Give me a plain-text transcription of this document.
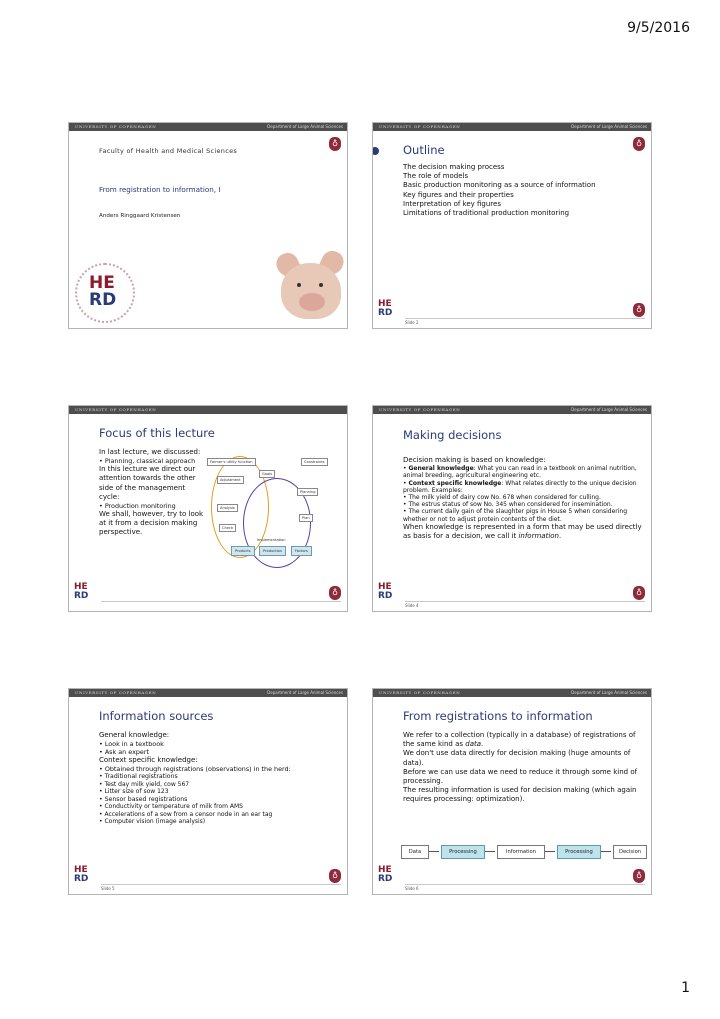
9/5/2016
UNIVERSITY OF COPENHAGEN	Department of Large Animal Sciences
♁
Faculty of Health and Medical Sciences
From registration to information, I
Anders Ringgaard Kristensen
HE
RD
UNIVERSITY OF COPENHAGEN	Department of Large Animal Sciences
♁
Outline

The decision making process

The role of models

Basic production monitoring as a source of information

Key figures and their properties

Interpretation of key figures

Limitations of traditional production monitoring

HE
RD	♁
Slide 2
UNIVERSITY OF COPENHAGEN
Focus of this lecture

In last lecture, we discussed:

• Planning, classical approach

In this lecture we direct our attention towards the other side of the management cycle:

• Production monitoring

We shall, however, try to look at it from a decision making perspective.

Farmer's utility function	Constraints
Goals
Adjustment
Planning
Analysis
Plan
Check
Implementation
Products	Production	Factors
HE
RD	♁
UNIVERSITY OF COPENHAGEN	Department of Large Animal Sciences
Making decisions

Decision making is based on knowledge:

• General knowledge: What you can read in a textbook on animal nutrition, animal breeding, agricultural engineering etc.

• Context specific knowledge: What relates directly to the unique decision problem. Examples:

• The milk yield of dairy cow No. 678 when considered for culling.

• The estrus status of sow No. 345 when considered for insemination.

• The current daily gain of the slaughter pigs in House 5 when considering whether or not to adjust protein contents of the diet.

When knowledge is represented in a form that may be used directly as basis for a decision, we call it information.

HE
RD	♁
Slide 4
UNIVERSITY OF COPENHAGEN	Department of Large Animal Sciences
Information sources

General knowledge:

• Look in a textbook

• Ask an expert

Context specific knowledge:

• Obtained through registrations (observations) in the herd:

• Traditional registrations

• Test day milk yield, cow 567

• Litter size of sow 123

• Sensor based registrations

• Conductivity or temperature of milk from AMS

• Accelerations of a sow from a censor node in an ear tag

• Computer vision (image analysis)

HE
RD	♁
Slide 5
UNIVERSITY OF COPENHAGEN	Department of Large Animal Sciences
From registrations to information

We refer to a collection (typically in a database) of registrations of the same kind as data.

We don't use data directly for decision making (huge amounts of data).

Before we can use data we need to reduce it through some kind of processing.

The resulting information is used for decision making (which again requires processing: optimization).

Data	Processing	Information	Processing	Decision
HE
RD	♁
Slide 6
1
